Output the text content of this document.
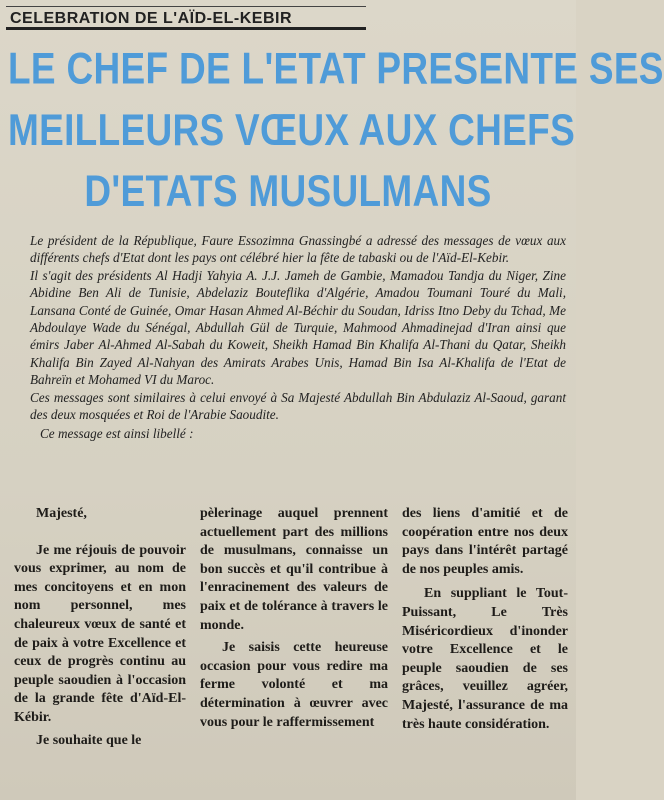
CELEBRATION DE L'AÏD-EL-KEBIR
LE CHEF DE L'ETAT PRESENTE SES
MEILLEURS VŒUX AUX CHEFS
D'ETATS MUSULMANS

Le président de la République, Faure Essozimna Gnassingbé a adressé des messages de vœux aux différents chefs d'Etat dont les pays ont célébré hier la fête de tabaski ou de l'Aïd-El-Kebir.

Il s'agit des présidents Al Hadji Yahyia A. J.J. Jameh de Gambie, Mamadou Tandja du Niger, Zine Abidine Ben Ali de Tunisie, Abdelaziz Bouteflika d'Algérie, Amadou Toumani Touré du Mali, Lansana Conté de Guinée, Omar Hasan Ahmed Al-Béchir du Soudan, Idriss Itno Deby du Tchad, Me Abdoulaye Wade du Sénégal, Abdullah Gül de Turquie, Mahmood Ahmadinejad d'Iran ainsi que émirs Jaber Al-Ahmed Al-Sabah du Koweit, Sheikh Hamad Bin Khalifa Al-Thani du Qatar, Sheikh Khalifa Bin Zayed Al-Nahyan des Amirats Arabes Unis, Hamad Bin Isa Al-Khalifa de l'Etat de Bahreïn et Mohamed VI du Maroc.

Ces messages sont similaires à celui envoyé à Sa Majesté Abdullah Bin Abdulaziz Al-Saoud, garant des deux mosquées et Roi de l'Arabie Saoudite.

Ce message est ainsi libellé :

Majesté,

Je me réjouis de pouvoir vous exprimer, au nom de mes concitoyens et en mon nom personnel, mes chaleureux vœux de santé et de paix à votre Excellence et ceux de progrès continu au peuple saoudien à l'occasion de la grande fête d'Aïd-El-Kébir.

Je souhaite que le

pèlerinage auquel prennent actuellement part des millions de musulmans, connaisse un bon succès et qu'il contribue à l'enracinement des valeurs de paix et de tolérance à travers le monde.

Je saisis cette heureuse occasion pour vous redire ma ferme volonté et ma détermination à œuvrer avec vous pour le raffermissement

des liens d'amitié et de coopération entre nos deux pays dans l'intérêt partagé de nos peuples amis.

En suppliant le Tout-Puissant, Le Très Miséricordieux d'inonder votre Excellence et le peuple saoudien de ses grâces, veuillez agréer, Majesté, l'assurance de ma très haute considération.
